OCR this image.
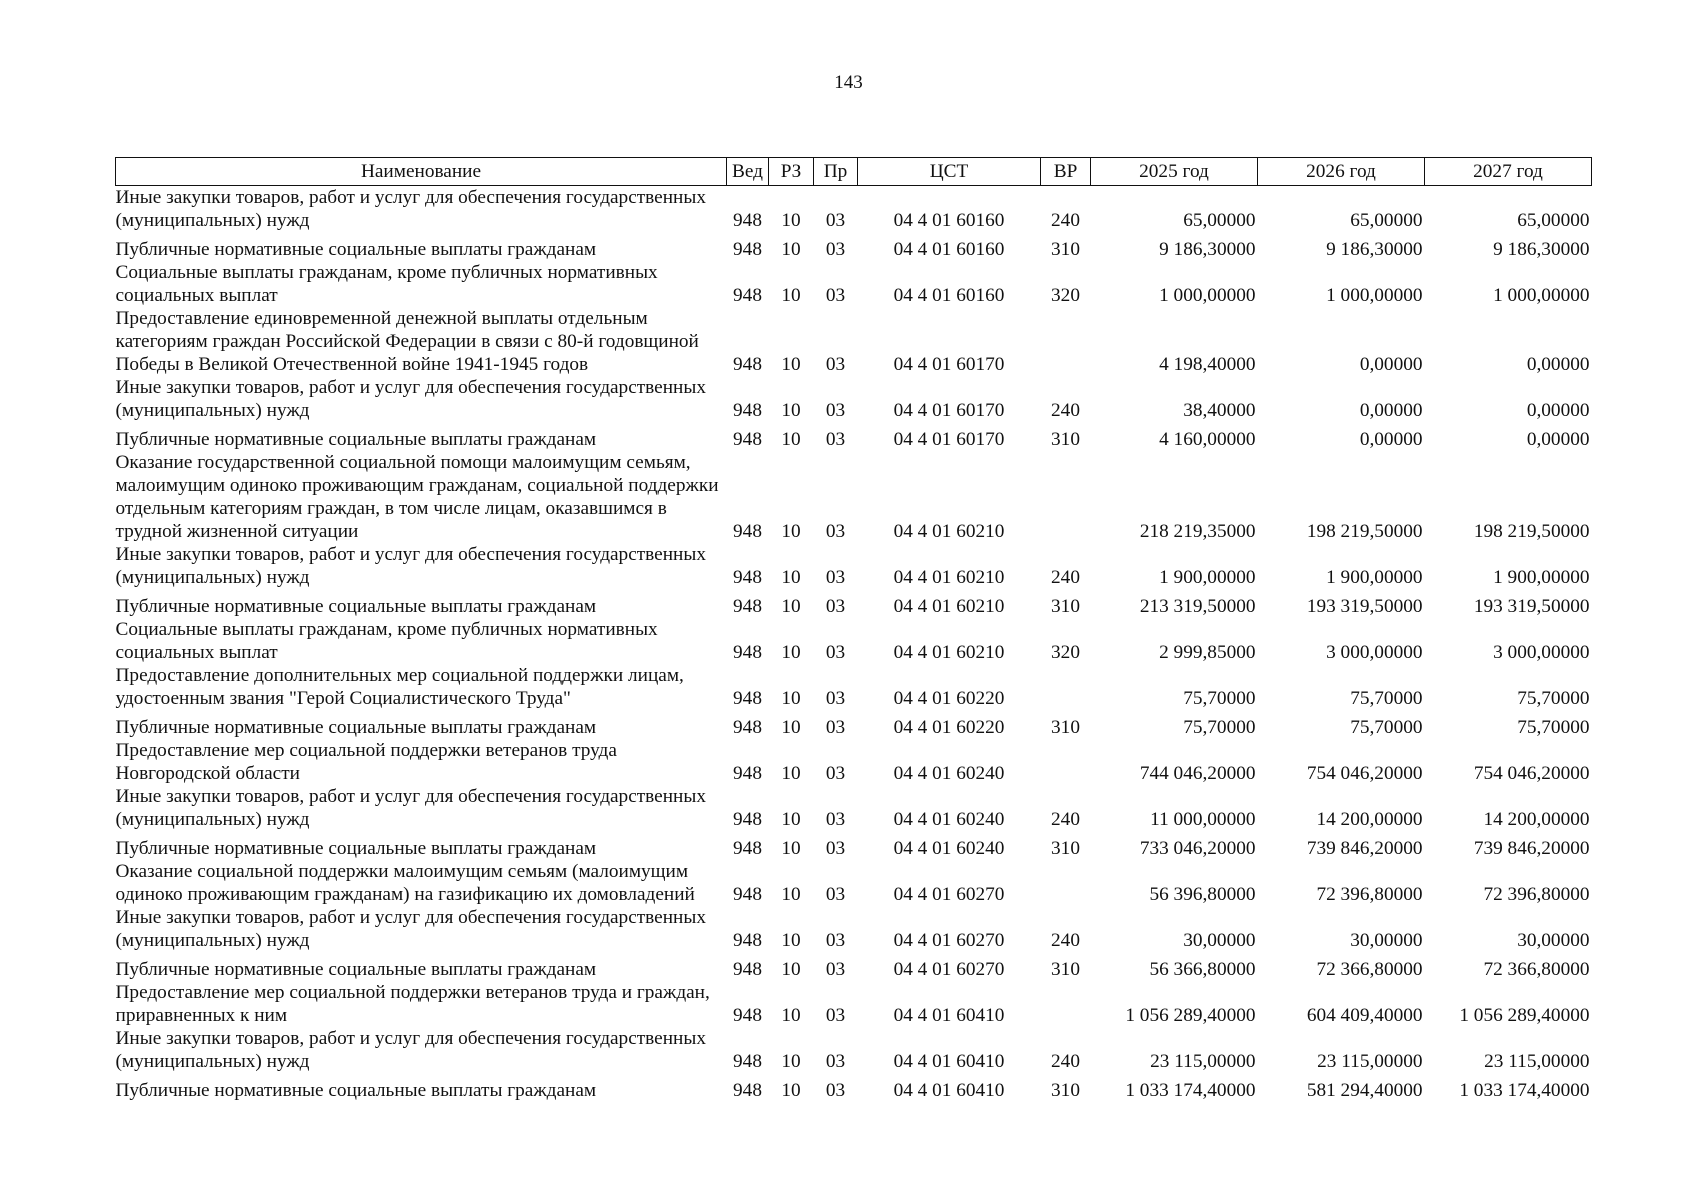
143
Наименование	Вед	РЗ	Пр	ЦСТ	ВР	2025 год	2026 год	2027 год
Иные закупки товаров, работ и услуг для обеспечения государственных (муниципальных) нужд	948	10	03	04 4 01 60160	240	65,00000	65,00000	65,00000
Публичные нормативные социальные выплаты гражданам	948	10	03	04 4 01 60160	310	9 186,30000	9 186,30000	9 186,30000
Социальные выплаты гражданам, кроме публичных нормативных социальных выплат	948	10	03	04 4 01 60160	320	1 000,00000	1 000,00000	1 000,00000
Предоставление единовременной денежной выплаты отдельным категориям граждан Российской Федерации в связи с 80-й годовщиной Победы в Великой Отечественной войне 1941-1945 годов	948	10	03	04 4 01 60170		4 198,40000	0,00000	0,00000
Иные закупки товаров, работ и услуг для обеспечения государственных (муниципальных) нужд	948	10	03	04 4 01 60170	240	38,40000	0,00000	0,00000
Публичные нормативные социальные выплаты гражданам	948	10	03	04 4 01 60170	310	4 160,00000	0,00000	0,00000
Оказание государственной социальной помощи малоимущим семьям, малоимущим одиноко проживающим гражданам, социальной поддержки отдельным категориям граждан, в том числе лицам, оказавшимся в трудной жизненной ситуации	948	10	03	04 4 01 60210		218 219,35000	198 219,50000	198 219,50000
Иные закупки товаров, работ и услуг для обеспечения государственных (муниципальных) нужд	948	10	03	04 4 01 60210	240	1 900,00000	1 900,00000	1 900,00000
Публичные нормативные социальные выплаты гражданам	948	10	03	04 4 01 60210	310	213 319,50000	193 319,50000	193 319,50000
Социальные выплаты гражданам, кроме публичных нормативных социальных выплат	948	10	03	04 4 01 60210	320	2 999,85000	3 000,00000	3 000,00000
Предоставление дополнительных мер социальной поддержки лицам, удостоенным звания "Герой Социалистического Труда"	948	10	03	04 4 01 60220		75,70000	75,70000	75,70000
Публичные нормативные социальные выплаты гражданам	948	10	03	04 4 01 60220	310	75,70000	75,70000	75,70000
Предоставление мер социальной поддержки ветеранов труда Новгородской области	948	10	03	04 4 01 60240		744 046,20000	754 046,20000	754 046,20000
Иные закупки товаров, работ и услуг для обеспечения государственных (муниципальных) нужд	948	10	03	04 4 01 60240	240	11 000,00000	14 200,00000	14 200,00000
Публичные нормативные социальные выплаты гражданам	948	10	03	04 4 01 60240	310	733 046,20000	739 846,20000	739 846,20000
Оказание социальной поддержки малоимущим семьям (малоимущим одиноко проживающим гражданам) на газификацию их домовладений	948	10	03	04 4 01 60270		56 396,80000	72 396,80000	72 396,80000
Иные закупки товаров, работ и услуг для обеспечения государственных (муниципальных) нужд	948	10	03	04 4 01 60270	240	30,00000	30,00000	30,00000
Публичные нормативные социальные выплаты гражданам	948	10	03	04 4 01 60270	310	56 366,80000	72 366,80000	72 366,80000
Предоставление мер социальной поддержки ветеранов труда и граждан, приравненных к ним	948	10	03	04 4 01 60410		1 056 289,40000	604 409,40000	1 056 289,40000
Иные закупки товаров, работ и услуг для обеспечения государственных (муниципальных) нужд	948	10	03	04 4 01 60410	240	23 115,00000	23 115,00000	23 115,00000
Публичные нормативные социальные выплаты гражданам	948	10	03	04 4 01 60410	310	1 033 174,40000	581 294,40000	1 033 174,40000
